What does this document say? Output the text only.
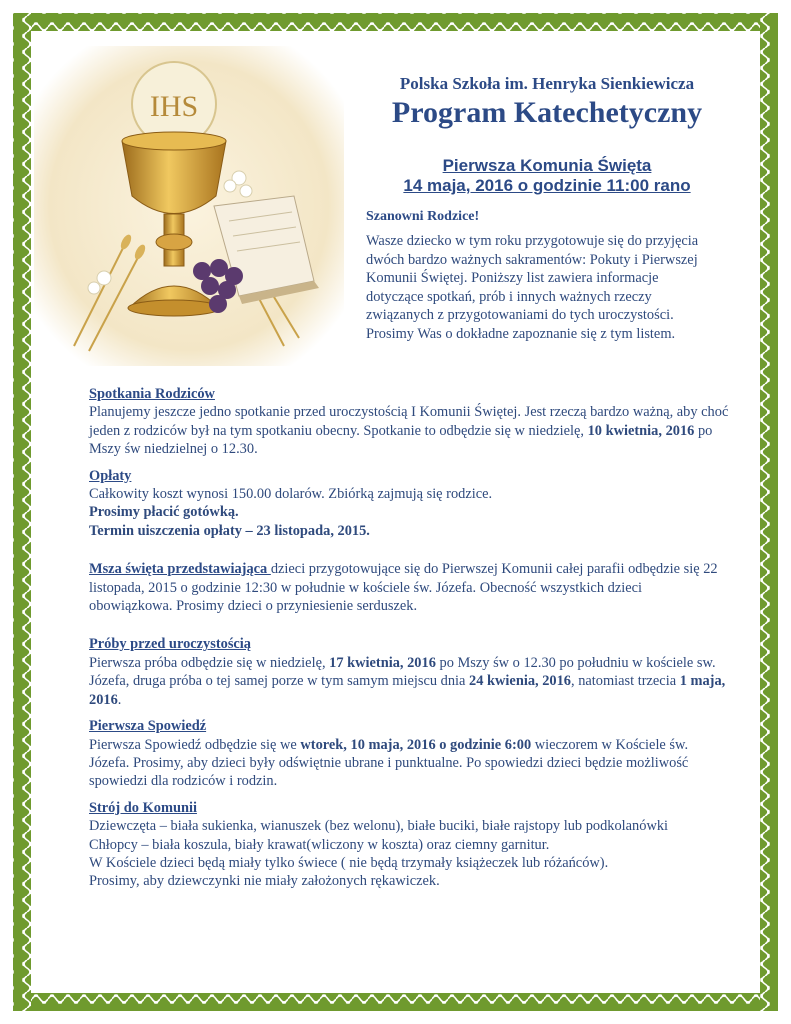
IHS

Polska Szkoła im. Henryka Sienkiewicza

Program Katechetyczny

Pierwsza Komunia Święta

14 maja, 2016 o godzinie 11:00 rano

Szanowni Rodzice!

Wasze dziecko w tym roku przygotowuje się do przyjęcia dwóch bardzo ważnych sakramentów: Pokuty i Pierwszej Komunii Świętej. Poniższy list zawiera informacje dotyczące spotkań, prób i innych ważnych rzeczy związanych z przygotowaniami do tych uroczystości. Prosimy Was o dokładne zapoznanie się z tym listem.

Spotkania Rodziców
Planujemy jeszcze jedno spotkanie przed uroczystością I Komunii Świętej. Jest rzeczą bardzo ważną, aby choć jeden z rodziców był na tym spotkaniu obecny. Spotkanie to odbędzie się w niedzielę, 10 kwietnia, 2016 po Mszy św niedzielnej o 12.30.
Opłaty
Całkowity koszt wynosi 150.00 dolarów. Zbiórką zajmują się rodzice.
Prosimy płacić gotówką.
Termin uiszczenia opłaty – 23 listopada, 2015.
Msza święta przedstawiająca dzieci przygotowujące się do Pierwszej Komunii całej parafii odbędzie się 22 listopada, 2015 o godzinie 12:30 w południe w kościele św. Józefa. Obecność wszystkich dzieci obowiązkowa. Prosimy dzieci o przyniesienie serduszek.
Próby przed uroczystością
Pierwsza próba odbędzie się w niedzielę, 17 kwietnia, 2016 po Mszy św o 12.30 po południu w kościele sw. Józefa, druga próba o tej samej porze w tym samym miejscu dnia 24 kwienia, 2016, natomiast trzecia 1 maja, 2016.
Pierwsza Spowiedź
Pierwsza Spowiedź odbędzie się we wtorek, 10 maja, 2016 o godzinie 6:00 wieczorem w Kościele św. Józefa. Prosimy, aby dzieci były odświętnie ubrane i punktualne. Po spowiedzi dzieci będzie możliwość spowiedzi dla rodziców i rodzin.
Strój do Komunii
Dziewczęta – biała sukienka, wianuszek (bez welonu), białe buciki, białe rajstopy lub podkolanówki
Chłopcy – biała koszula, biały krawat(wliczony w koszta) oraz ciemny garnitur.
W Kościele dzieci będą miały tylko świece ( nie będą trzymały książeczek lub różańców).
Prosimy, aby dziewczynki nie miały założonych rękawiczek.
